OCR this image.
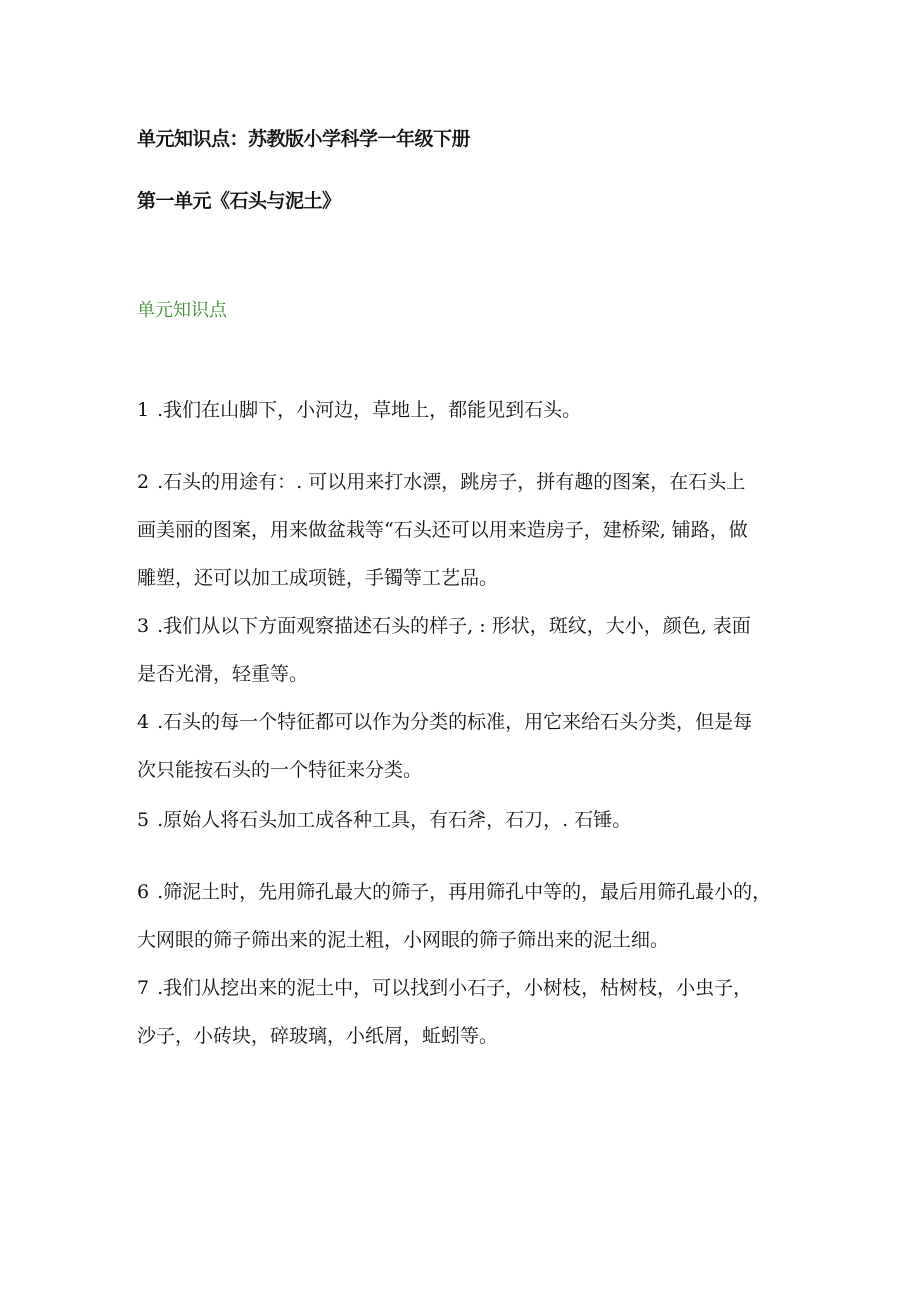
单元知识点：苏教版小学科学一年级下册
第一单元《石头与泥土》
单元知识点
1 .我们在山脚下，小河边，草地上，都能见到石头。
2 .石头的用途有：. 可以用来打水漂，跳房子，拼有趣的图案，在石头上
画美丽的图案，用来做盆栽等“石头还可以用来造房子，建桥梁, 铺路，做
雕塑，还可以加工成项链，手镯等工艺品。
3 .我们从以下方面观察描述石头的样子, : 形状，斑纹，大小，颜色, 表面
是否光滑，轻重等。
4 .石头的每一个特征都可以作为分类的标准，用它来给石头分类，但是每
次只能按石头的一个特征来分类。
5 .原始人将石头加工成各种工具，有石斧，石刀，. 石锤。
6 .筛泥土时，先用筛孔最大的筛子，再用筛孔中等的，最后用筛孔最小的，
大网眼的筛子筛出来的泥土粗，小网眼的筛子筛出来的泥土细。
7 .我们从挖出来的泥土中，可以找到小石子，小树枝，枯树枝，小虫子，
沙子，小砖块，碎玻璃，小纸屑，蚯蚓等。
